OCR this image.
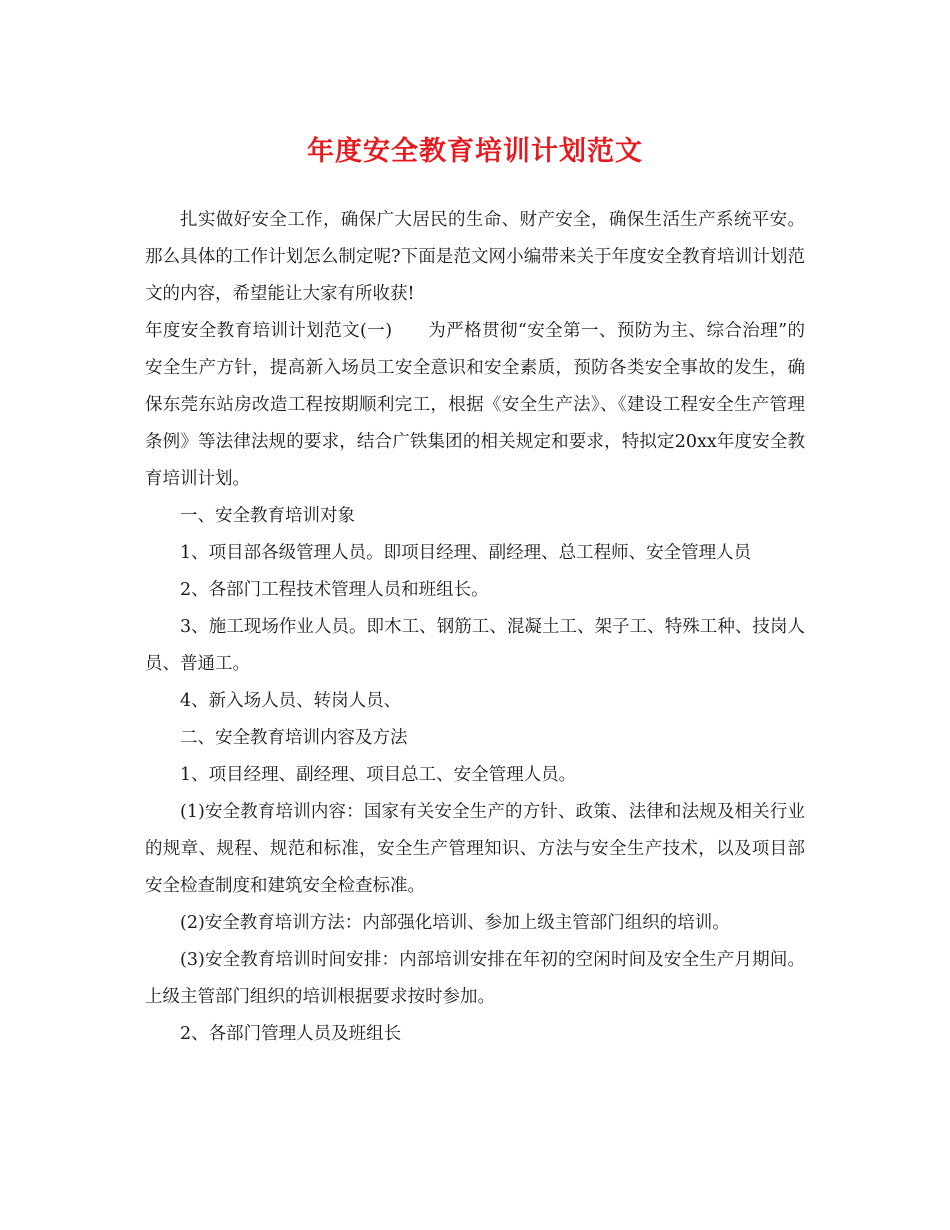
年度安全教育培训计划范文

扎实做好安全工作，确保广大居民的生命、财产安全，确保生活生产系统平安。那么具体的工作计划怎么制定呢?下面是范文网小编带来关于年度安全教育培训计划范文的内容，希望能让大家有所收获!

年度安全教育培训计划范文(一)　　为严格贯彻“安全第一、预防为主、综合治理”的安全生产方针，提高新入场员工安全意识和安全素质，预防各类安全事故的发生，确保东莞东站房改造工程按期顺利完工，根据《安全生产法》、《建设工程安全生产管理条例》等法律法规的要求，结合广铁集团的相关规定和要求，特拟定20xx年度安全教育培训计划。

一、安全教育培训对象

1、项目部各级管理人员。即项目经理、副经理、总工程师、安全管理人员

2、各部门工程技术管理人员和班组长。

3、施工现场作业人员。即木工、钢筋工、混凝土工、架子工、特殊工种、技岗人员、普通工。

4、新入场人员、转岗人员、

二、安全教育培训内容及方法

1、项目经理、副经理、项目总工、安全管理人员。

(1)安全教育培训内容：国家有关安全生产的方针、政策、法律和法规及相关行业的规章、规程、规范和标准，安全生产管理知识、方法与安全生产技术，以及项目部安全检查制度和建筑安全检查标准。

(2)安全教育培训方法：内部强化培训、参加上级主管部门组织的培训。

(3)安全教育培训时间安排：内部培训安排在年初的空闲时间及安全生产月期间。上级主管部门组织的培训根据要求按时参加。

2、各部门管理人员及班组长
